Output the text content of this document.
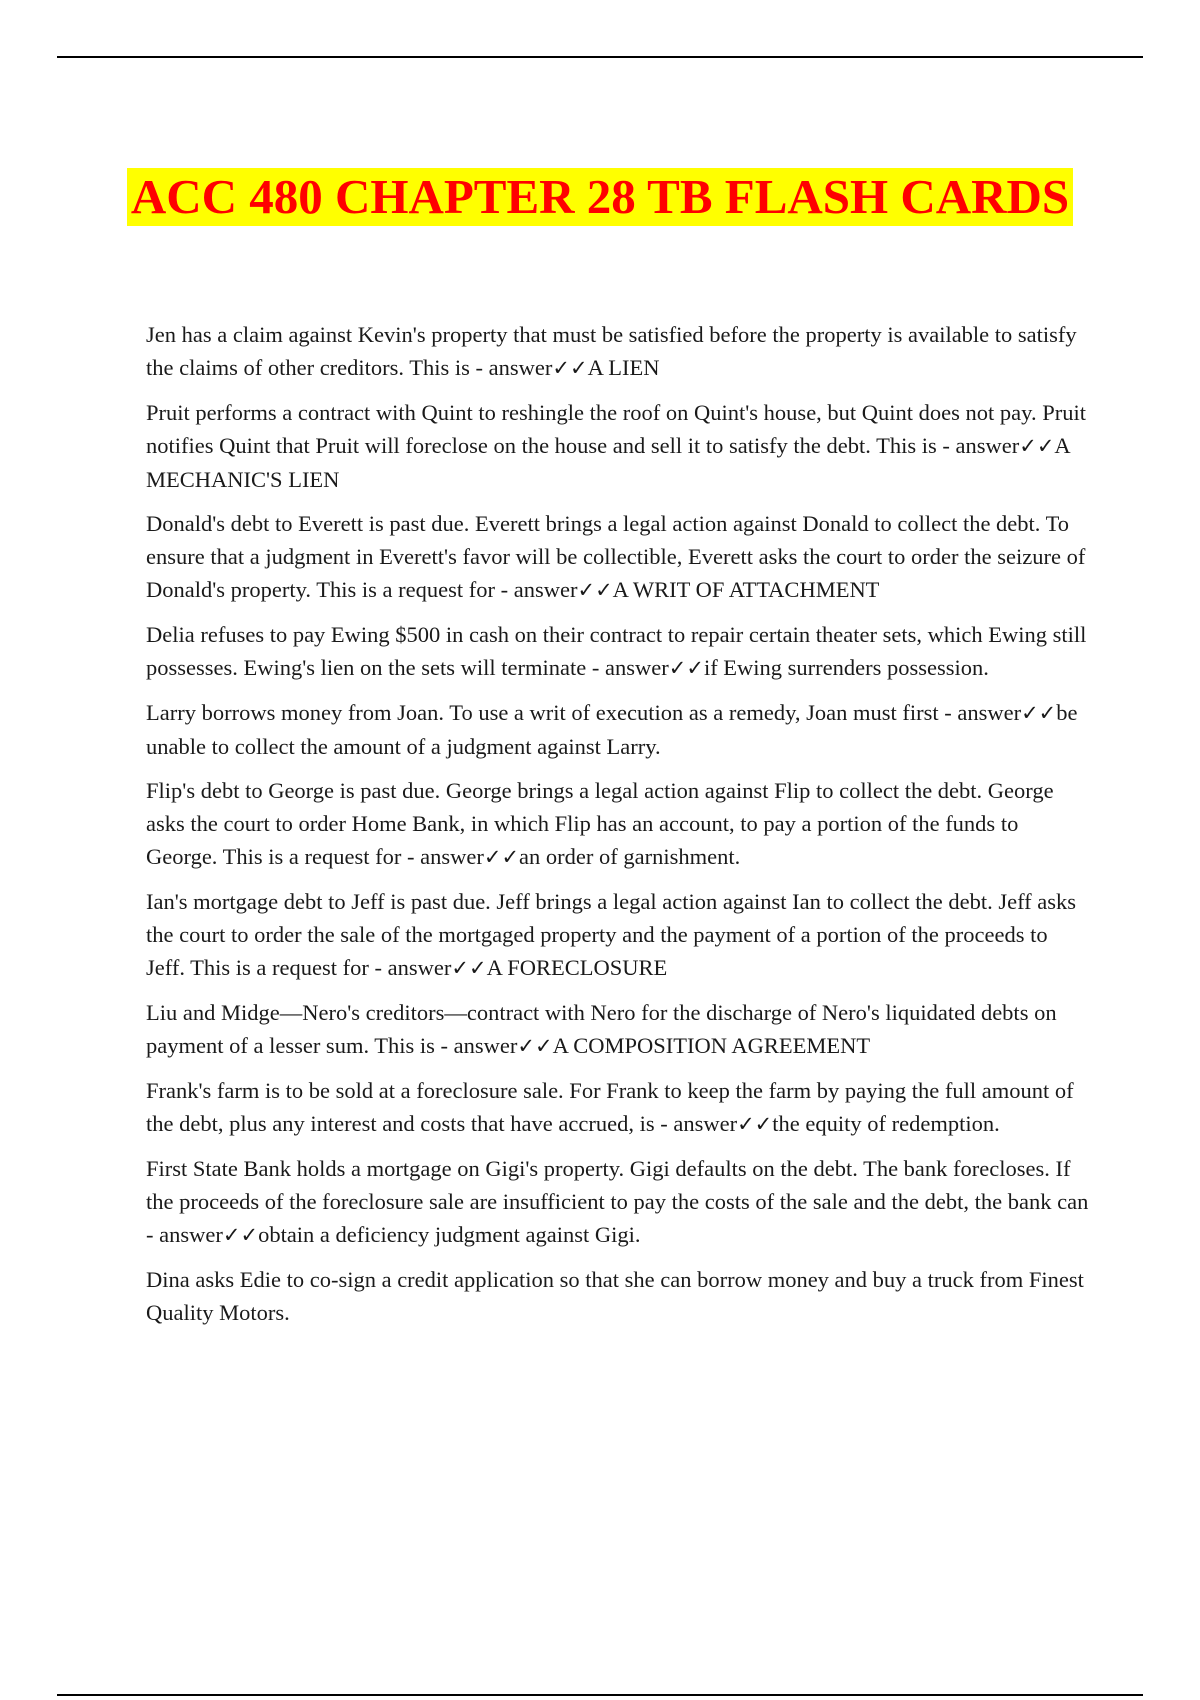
ACC 480 CHAPTER 28 TB FLASH CARDS

Jen has a claim against Kevin's property that must be satisfied before the property is available to satisfy the claims of other creditors. This is - answer✓✓A LIEN

Pruit performs a contract with Quint to reshingle the roof on Quint's house, but Quint does not pay. Pruit notifies Quint that Pruit will foreclose on the house and sell it to satisfy the debt. This is - answer✓✓A MECHANIC'S LIEN

Donald's debt to Everett is past due. Everett brings a legal action against Donald to collect the debt. To ensure that a judgment in Everett's favor will be collectible, Everett asks the court to order the seizure of Donald's property. This is a request for - answer✓✓A WRIT OF ATTACHMENT

Delia refuses to pay Ewing $500 in cash on their contract to repair certain theater sets, which Ewing still possesses. Ewing's lien on the sets will terminate - answer✓✓if Ewing surrenders possession.

Larry borrows money from Joan. To use a writ of execution as a remedy, Joan must first - answer✓✓be unable to collect the amount of a judgment against Larry.

Flip's debt to George is past due. George brings a legal action against Flip to collect the debt. George asks the court to order Home Bank, in which Flip has an account, to pay a portion of the funds to George. This is a request for - answer✓✓an order of garnishment.

Ian's mortgage debt to Jeff is past due. Jeff brings a legal action against Ian to collect the debt. Jeff asks the court to order the sale of the mortgaged property and the payment of a portion of the proceeds to Jeff. This is a request for - answer✓✓A FORECLOSURE

Liu and Midge—Nero's creditors—contract with Nero for the discharge of Nero's liquidated debts on payment of a lesser sum. This is - answer✓✓A COMPOSITION AGREEMENT

Frank's farm is to be sold at a foreclosure sale. For Frank to keep the farm by paying the full amount of the debt, plus any interest and costs that have accrued, is - answer✓✓the equity of redemption.

First State Bank holds a mortgage on Gigi's property. Gigi defaults on the debt. The bank forecloses. If the proceeds of the foreclosure sale are insufficient to pay the costs of the sale and the debt, the bank can - answer✓✓obtain a deficiency judgment against Gigi.

Dina asks Edie to co-sign a credit application so that she can borrow money and buy a truck from Finest Quality Motors.
